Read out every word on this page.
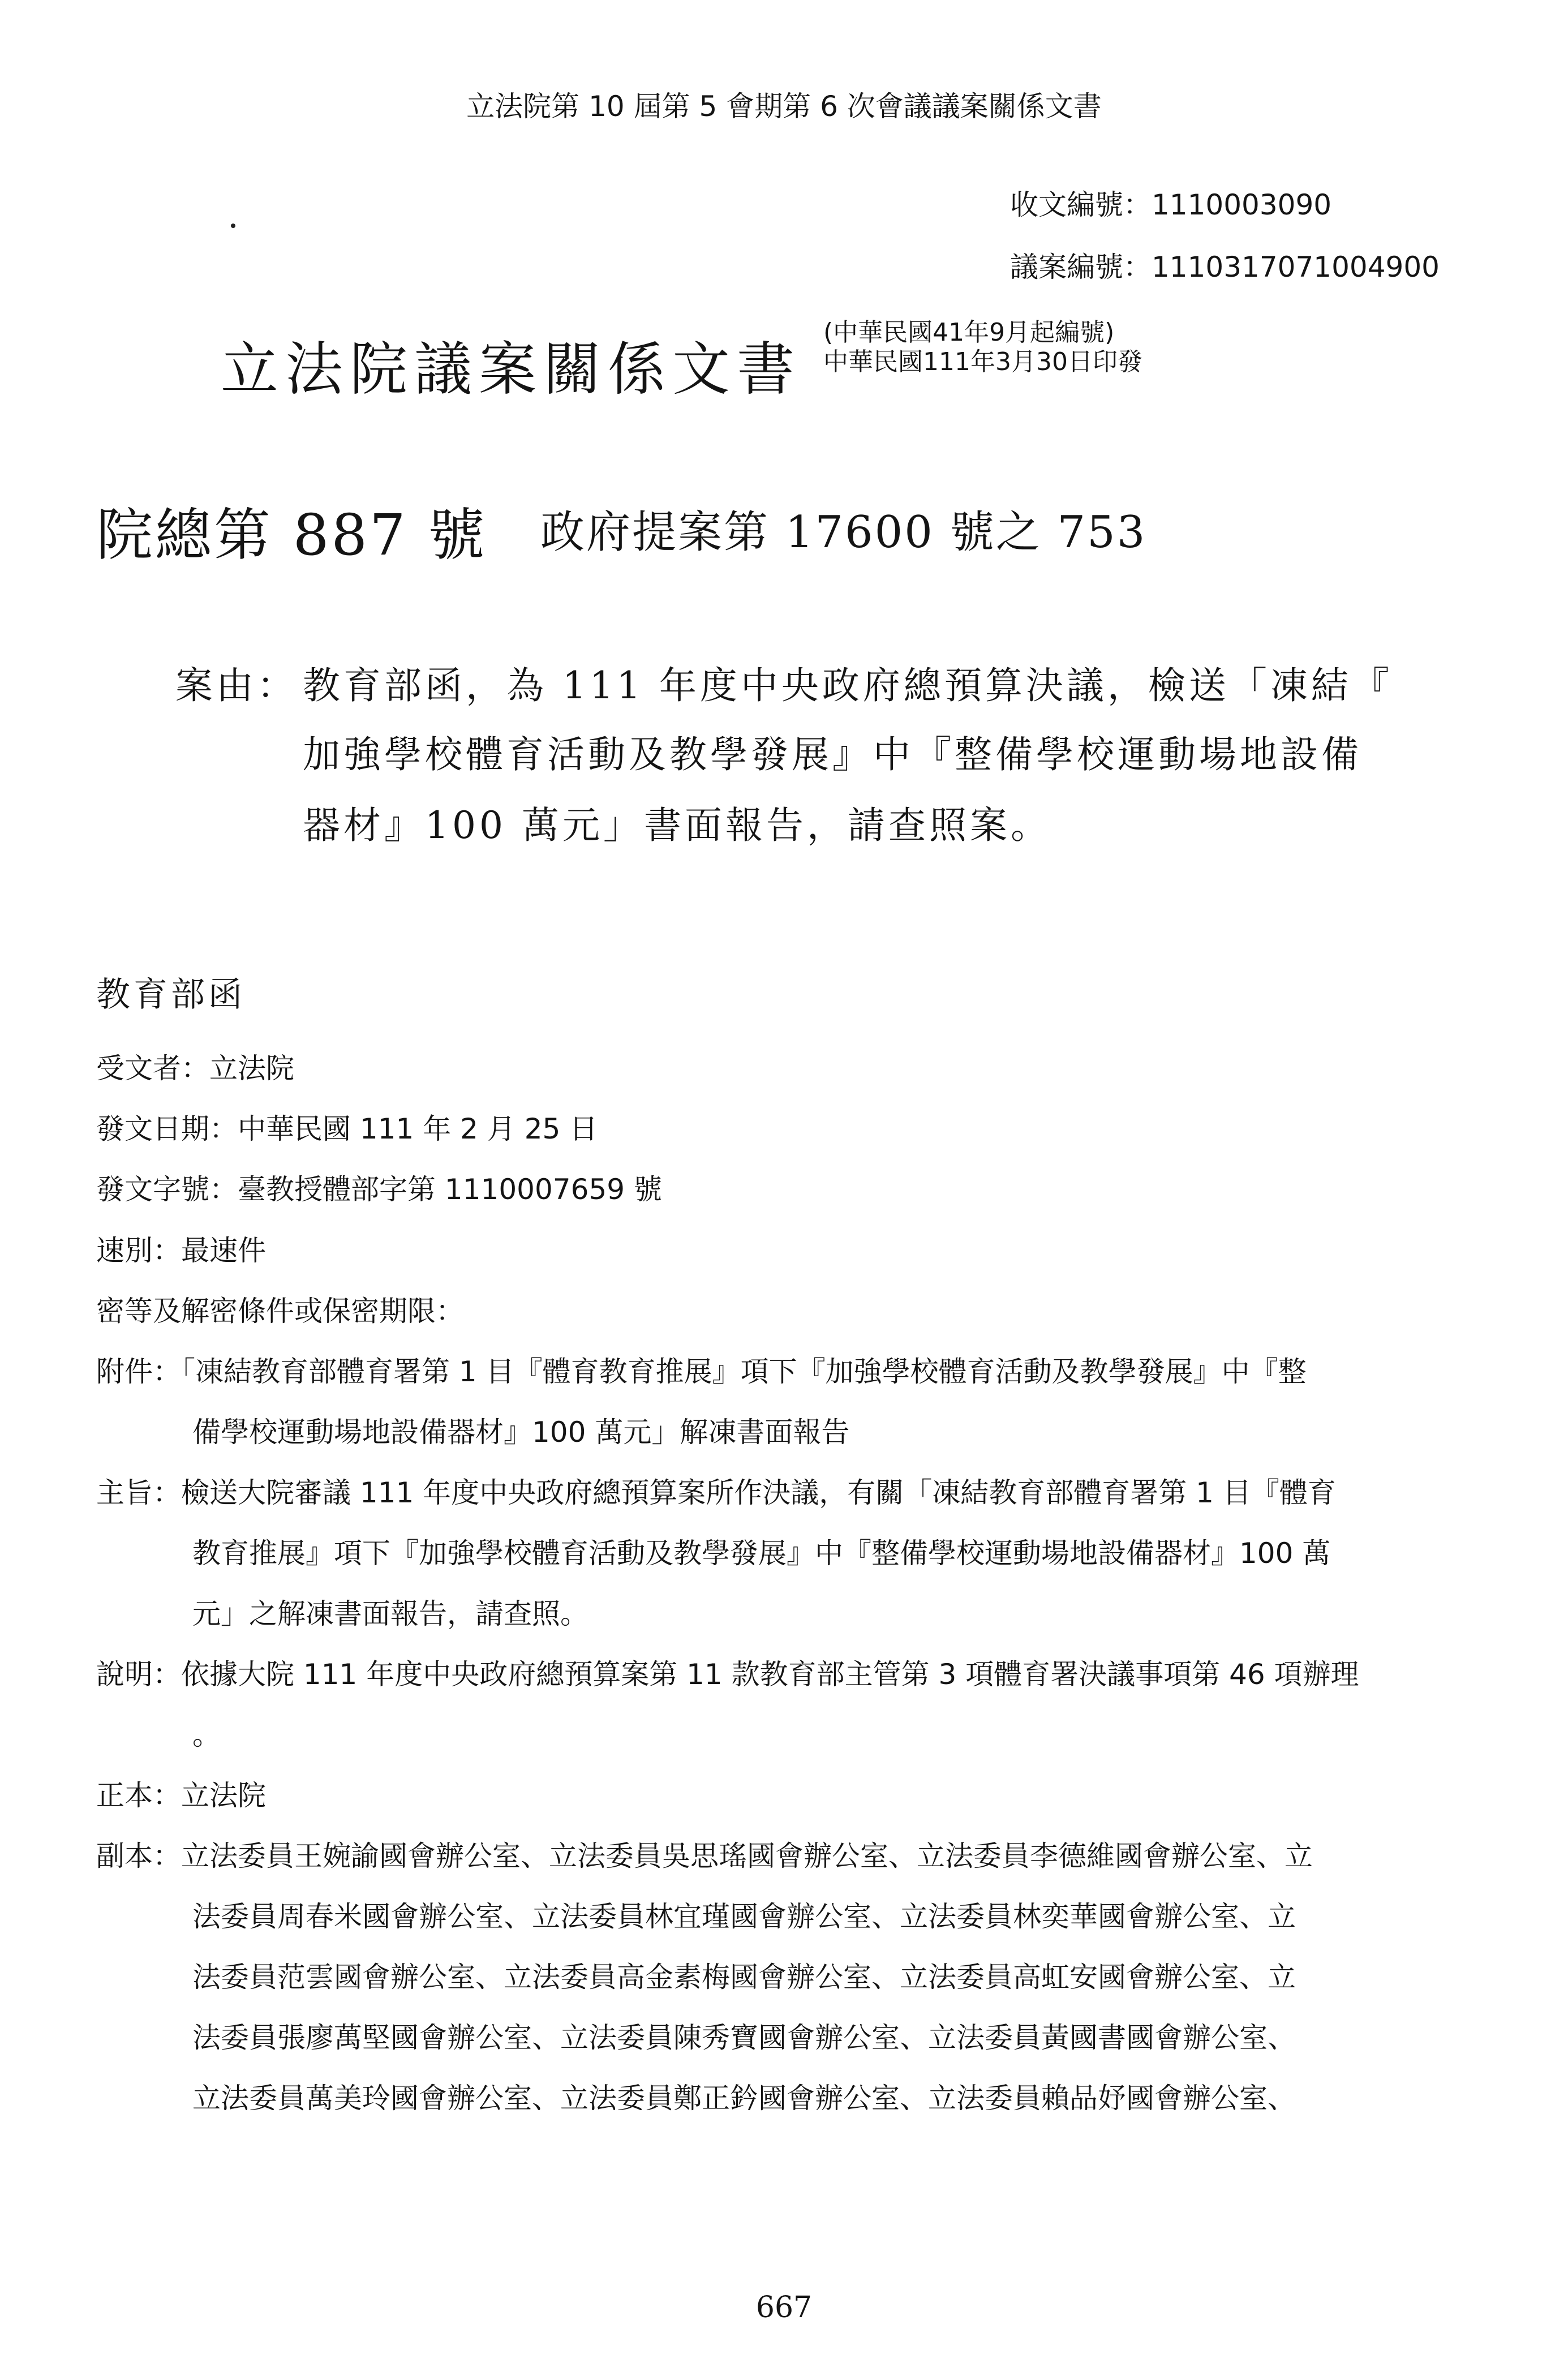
立法院第 10 屆第 5 會期第 6 次會議議案關係文書
收文編號：1110003090
議案編號：1110317071004900
立法院議案關係文書
(中華民國41年9月起編號)
中華民國111年3月30日印發
院總第 887 號 政府提案第 17600 號之 753
案由： 教育部函，為 111 年度中央政府總預算決議，檢送「凍結『
加強學校體育活動及教學發展』中『整備學校運動場地設備
器材』100 萬元」書面報告，請查照案。
教育部函
受文者：立法院
發文日期：中華民國 111 年 2 月 25 日
發文字號：臺教授體部字第 1110007659 號
速別：最速件
密等及解密條件或保密期限：
附件：「凍結教育部體育署第 1 目『體育教育推展』項下『加強學校體育活動及教學發展』中『整
備學校運動場地設備器材』100 萬元」解凍書面報告
主旨：檢送大院審議 111 年度中央政府總預算案所作決議，有關「凍結教育部體育署第 1 目『體育
教育推展』項下『加強學校體育活動及教學發展』中『整備學校運動場地設備器材』100 萬
元」之解凍書面報告，請查照。
說明：依據大院 111 年度中央政府總預算案第 11 款教育部主管第 3 項體育署決議事項第 46 項辦理
。
正本：立法院
副本：立法委員王婉諭國會辦公室、立法委員吳思瑤國會辦公室、立法委員李德維國會辦公室、立
法委員周春米國會辦公室、立法委員林宜瑾國會辦公室、立法委員林奕華國會辦公室、立
法委員范雲國會辦公室、立法委員高金素梅國會辦公室、立法委員高虹安國會辦公室、立
法委員張廖萬堅國會辦公室、立法委員陳秀寶國會辦公室、立法委員黃國書國會辦公室、
立法委員萬美玲國會辦公室、立法委員鄭正鈐國會辦公室、立法委員賴品妤國會辦公室、
667
